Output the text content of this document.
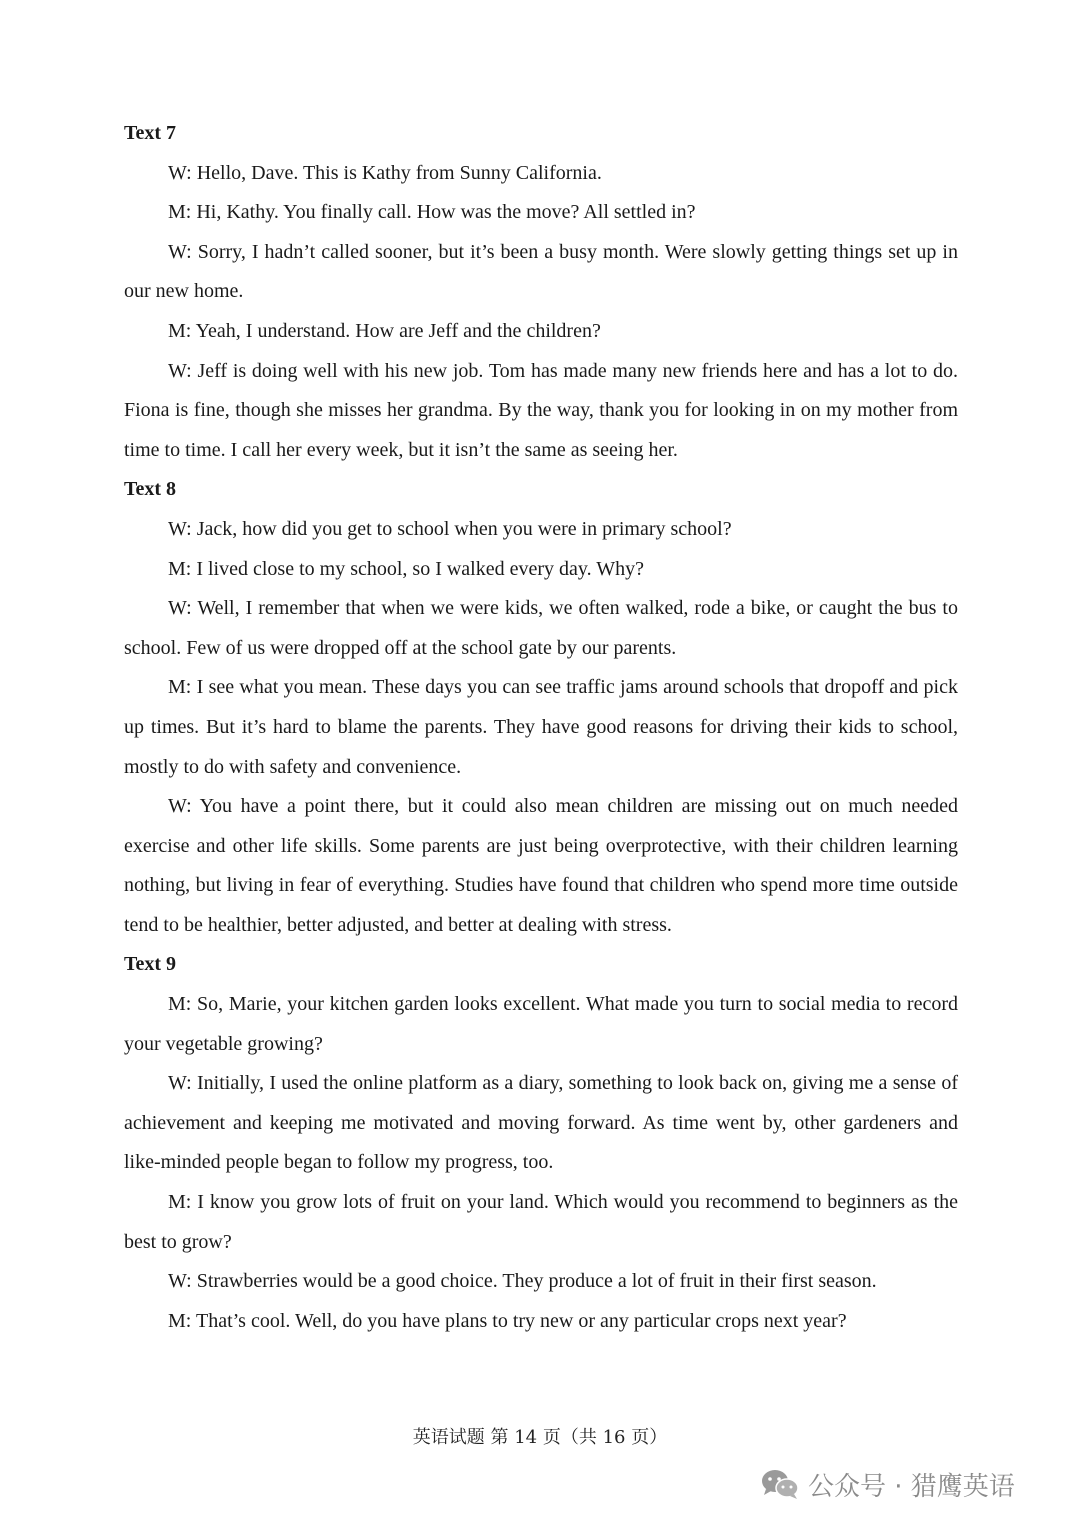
Text 7

W: Hello, Dave. This is Kathy from Sunny California.

M: Hi, Kathy. You finally call. How was the move? All settled in?

W: Sorry, I hadn’t called sooner, but it’s been a busy month. Were slowly getting things set up in our new home.

M: Yeah, I understand. How are Jeff and the children?

W: Jeff is doing well with his new job. Tom has made many new friends here and has a lot to do. Fiona is fine, though she misses her grandma. By the way, thank you for looking in on my mother from time to time. I call her every week, but it isn’t the same as seeing her.

Text 8

W: Jack, how did you get to school when you were in primary school?

M: I lived close to my school, so I walked every day. Why?

W: Well, I remember that when we were kids, we often walked, rode a bike, or caught the bus to school. Few of us were dropped off at the school gate by our parents.

M: I see what you mean. These days you can see traffic jams around schools that dropoff and pick up times. But it’s hard to blame the parents. They have good reasons for driving their kids to school, mostly to do with safety and convenience.

W: You have a point there, but it could also mean children are missing out on much needed exercise and other life skills. Some parents are just being overprotective, with their children learning nothing, but living in fear of everything. Studies have found that children who spend more time outside tend to be healthier, better adjusted, and better at dealing with stress.

Text 9

M: So, Marie, your kitchen garden looks excellent. What made you turn to social media to record your vegetable growing?

W: Initially, I used the online platform as a diary, something to look back on, giving me a sense of achievement and keeping me motivated and moving forward. As time went by, other gardeners and like-minded people began to follow my progress, too.

M: I know you grow lots of fruit on your land. Which would you recommend to beginners as the best to grow?

W: Strawberries would be a good choice. They produce a lot of fruit in their first season.

M: That’s cool. Well, do you have plans to try new or any particular crops next year?

英语试题 第 14 页（共 16 页）
公众号 · 猎鹰英语
